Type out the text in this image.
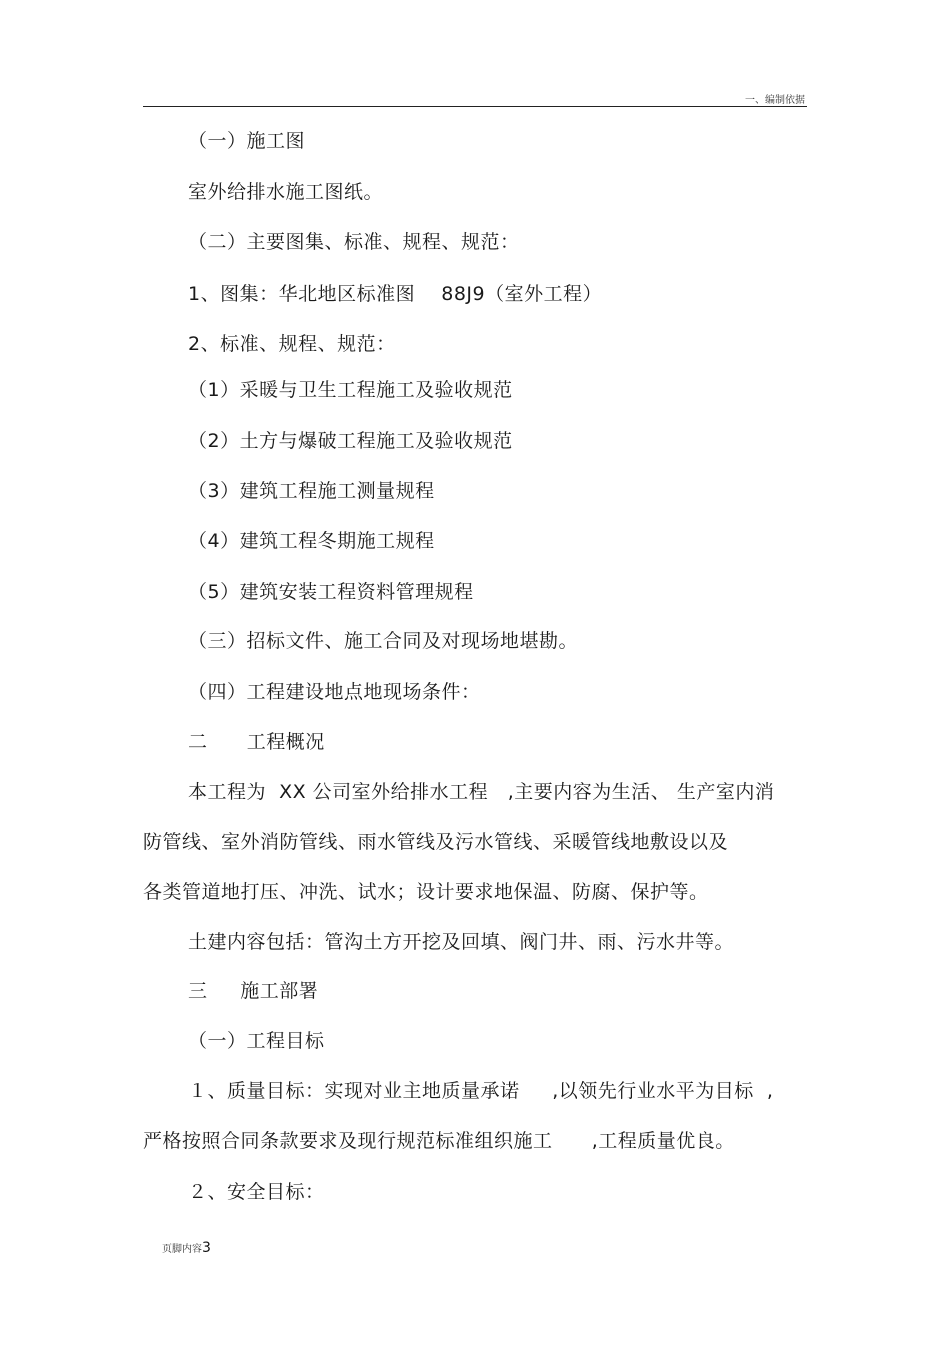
一、编制依据
（一）施工图
室外给排水施工图纸。
（二）主要图集、标准、规程、规范：
1、图集：华北地区标准图    88J9（室外工程）
2、标准、规程、规范：
（1）采暖与卫生工程施工及验收规范
（2）土方与爆破工程施工及验收规范
（3）建筑工程施工测量规程
（4）建筑工程冬期施工规程
（5）建筑安装工程资料管理规程
（三）招标文件、施工合同及对现场地堪勘。
（四）工程建设地点地现场条件：
二      工程概况
本工程为  XX 公司室外给排水工程   ,主要内容为生活、 生产室内消
防管线、室外消防管线、雨水管线及污水管线、采暖管线地敷设以及
各类管道地打压、冲洗、试水；设计要求地保温、防腐、保护等。
土建内容包括：管沟土方开挖及回填、阀门井、雨、污水井等。
三     施工部署
（一）工程目标
１、质量目标：实现对业主地质量承诺     ,以领先行业水平为目标  ,
严格按照合同条款要求及现行规范标准组织施工      ,工程质量优良。
２、安全目标：
页脚内容3
